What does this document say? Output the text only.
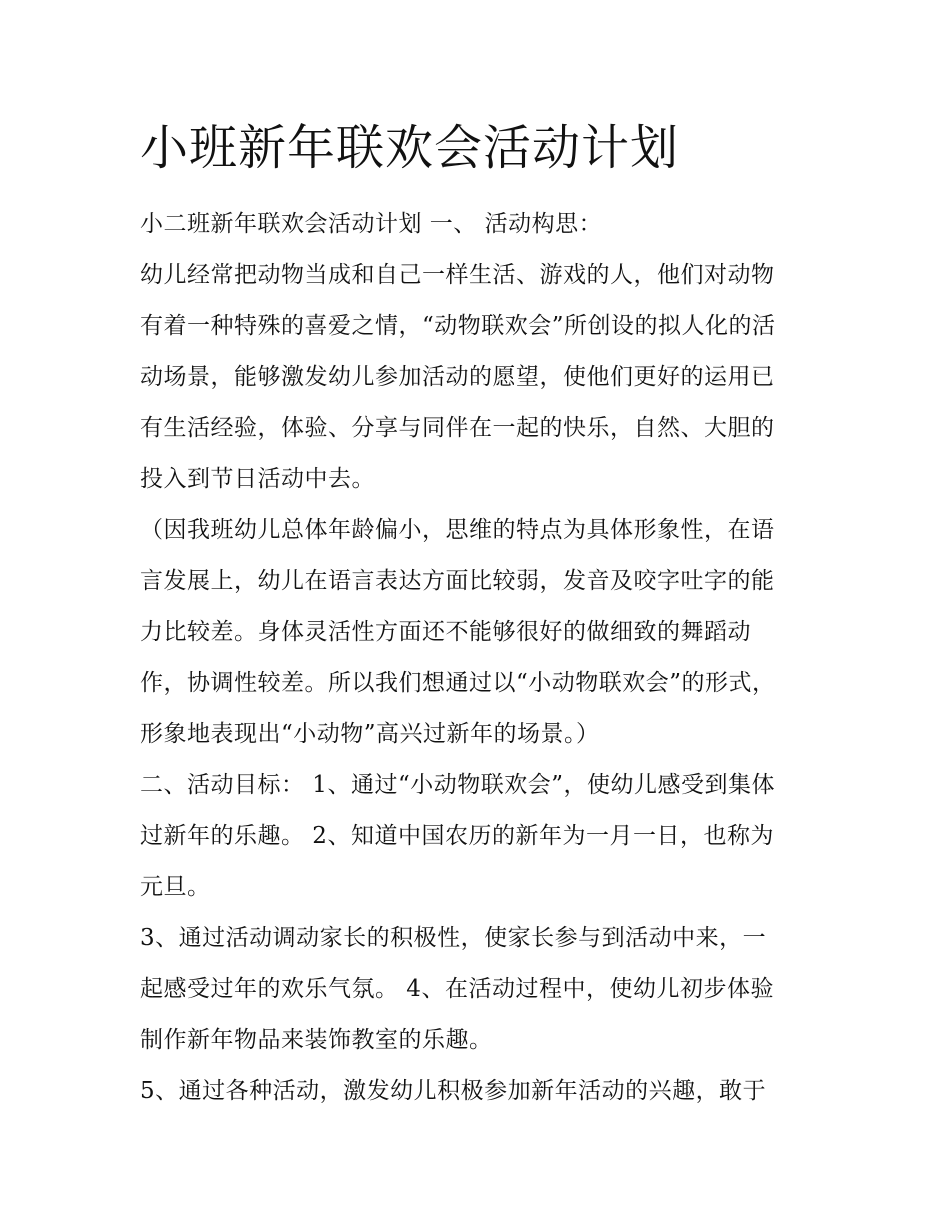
小班新年联欢会活动计划
小二班新年联欢会活动计划 一、 活动构思：
幼儿经常把动物当成和自己一样生活、游戏的人，他们对动物
有着一种特殊的喜爱之情，“动物联欢会”所创设的拟人化的活
动场景，能够激发幼儿参加活动的愿望，使他们更好的运用已
有生活经验，体验、分享与同伴在一起的快乐，自然、大胆的
投入到节日活动中去。
（因我班幼儿总体年龄偏小，思维的特点为具体形象性，在语
言发展上，幼儿在语言表达方面比较弱，发音及咬字吐字的能
力比较差。身体灵活性方面还不能够很好的做细致的舞蹈动
作，协调性较差。所以我们想通过以“小动物联欢会”的形式，
形象地表现出“小动物”高兴过新年的场景。）
二、活动目标： 1、通过“小动物联欢会”，使幼儿感受到集体
过新年的乐趣。 2、知道中国农历的新年为一月一日，也称为
元旦。
3、通过活动调动家长的积极性，使家长参与到活动中来，一
起感受过年的欢乐气氛。 4、在活动过程中，使幼儿初步体验
制作新年物品来装饰教室的乐趣。
5、通过各种活动，激发幼儿积极参加新年活动的兴趣，敢于
